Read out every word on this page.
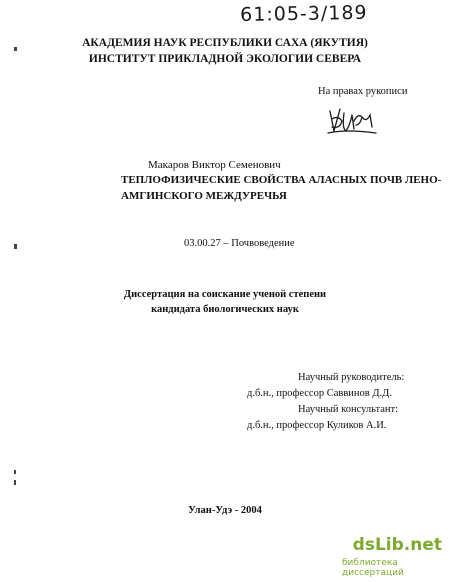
61:05-3/189
АКАДЕМИЯ НАУК РЕСПУБЛИКИ САХА (ЯКУТИЯ)
ИНСТИТУТ ПРИКЛАДНОЙ ЭКОЛОГИИ СЕВЕРА
На правах рукописи
Макаров Виктор Семенович
ТЕПЛОФИЗИЧЕСКИЕ СВОЙСТВА АЛАСНЫХ ПОЧВ ЛЕНО-
АМГИНСКОГО МЕЖДУРЕЧЬЯ
03.00.27 – Почвоведение
Диссертация на соискание ученой степени
кандидата биологических наук
Научный руководитель:
д.б.н., профессор Саввинов Д.Д.
Научный консультант:
д.б.н., профессор Куликов А.И.
Улан-Удэ - 2004
dsLib.net
библиотека диссертаций
